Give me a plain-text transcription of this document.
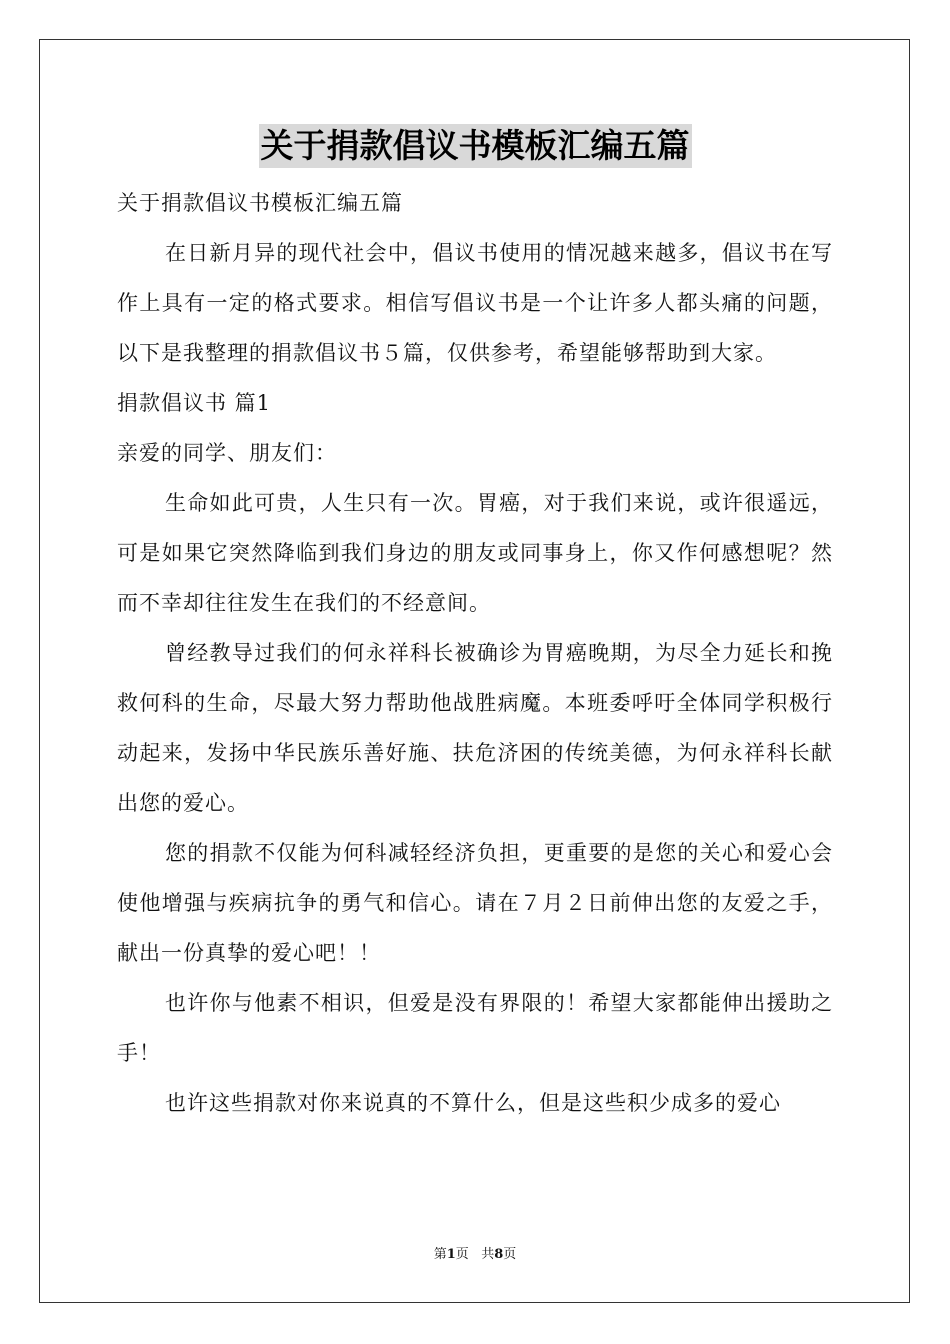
关于捐款倡议书模板汇编五篇

关于捐款倡议书模板汇编五篇

在日新月异的现代社会中，倡议书使用的情况越来越多，倡议书在写作上具有一定的格式要求。相信写倡议书是一个让许多人都头痛的问题，以下是我整理的捐款倡议书５篇，仅供参考，希望能够帮助到大家。

捐款倡议书 篇1

亲爱的同学、朋友们：

生命如此可贵，人生只有一次。胃癌，对于我们来说，或许很遥远，可是如果它突然降临到我们身边的朋友或同事身上，你又作何感想呢？然而不幸却往往发生在我们的不经意间。

曾经教导过我们的何永祥科长被确诊为胃癌晚期，为尽全力延长和挽救何科的生命，尽最大努力帮助他战胜病魔。本班委呼吁全体同学积极行动起来，发扬中华民族乐善好施、扶危济困的传统美德，为何永祥科长献出您的爱心。

您的捐款不仅能为何科减轻经济负担，更重要的是您的关心和爱心会使他增强与疾病抗争的勇气和信心。请在７月２日前伸出您的友爱之手，献出一份真挚的爱心吧！！

也许你与他素不相识，但爱是没有界限的！希望大家都能伸出援助之手！

也许这些捐款对你来说真的不算什么，但是这些积少成多的爱心

第1页 共8页
